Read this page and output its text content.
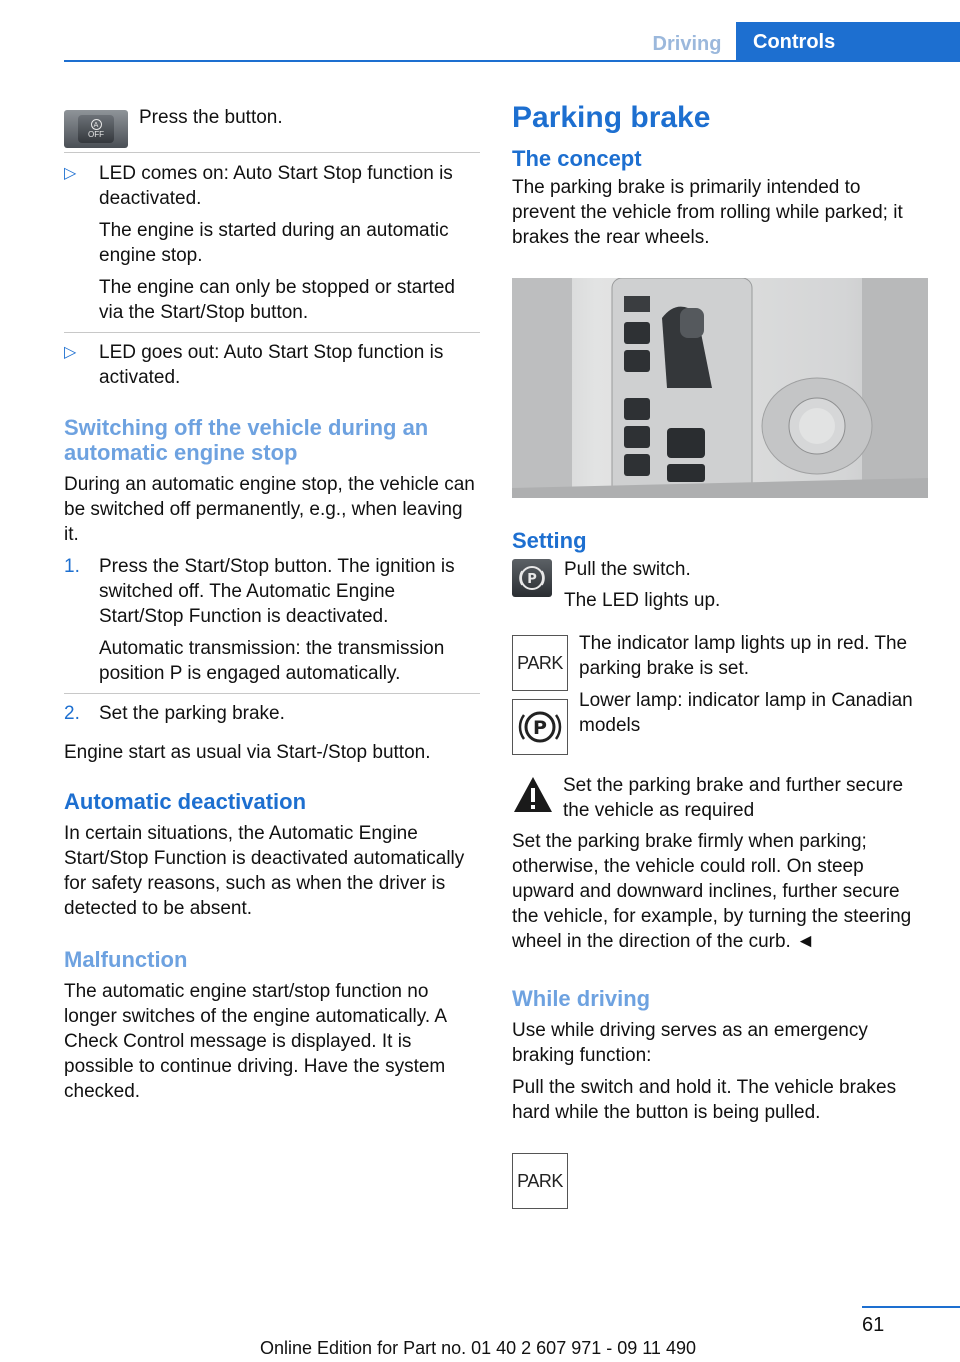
Driving	Controls
A
OFF

Press the button.

▷ LED comes on: Auto Start Stop function is deactivated.

The engine is started during an automatic engine stop.

The engine can only be stopped or started via the Start/Stop button.

▷ LED goes out: Auto Start Stop function is activated.

Switching off the vehicle during an automatic engine stop

During an automatic engine stop, the vehicle can be switched off permanently, e.g., when leaving it.

1. Press the Start/Stop button. The ignition is switched off. The Automatic Engine Start/Stop Function is deactivated.

Automatic transmission: the transmission position P is engaged automatically.

2. Set the parking brake.

Engine start as usual via Start-/Stop button.

Automatic deactivation

In certain situations, the Automatic Engine Start/Stop Function is deactivated automatically for safety reasons, such as when the driver is detected to be absent.

Malfunction

The automatic engine start/stop function no longer switches of the engine automatically. A Check Control message is displayed. It is possible to continue driving. Have the system checked.

Parking brake
The concept

The parking brake is primarily intended to prevent the vehicle from rolling while parked; it brakes the rear wheels.

Setting
P Pull the switch.

The LED lights up.

PARK
P

The indicator lamp lights up in red. The parking brake is set.

Lower lamp: indicator lamp in Canadian models

Set the parking brake and further secure the vehicle as required

Set the parking brake firmly when parking; otherwise, the vehicle could roll. On steep upward and downward inclines, further secure the vehicle, for example, by turning the steering wheel in the direction of the curb. ◄

While driving

Use while driving serves as an emergency braking function:

Pull the switch and hold it. The vehicle brakes hard while the button is being pulled.

PARK
61
Online Edition for Part no. 01 40 2 607 971 - 09 11 490
